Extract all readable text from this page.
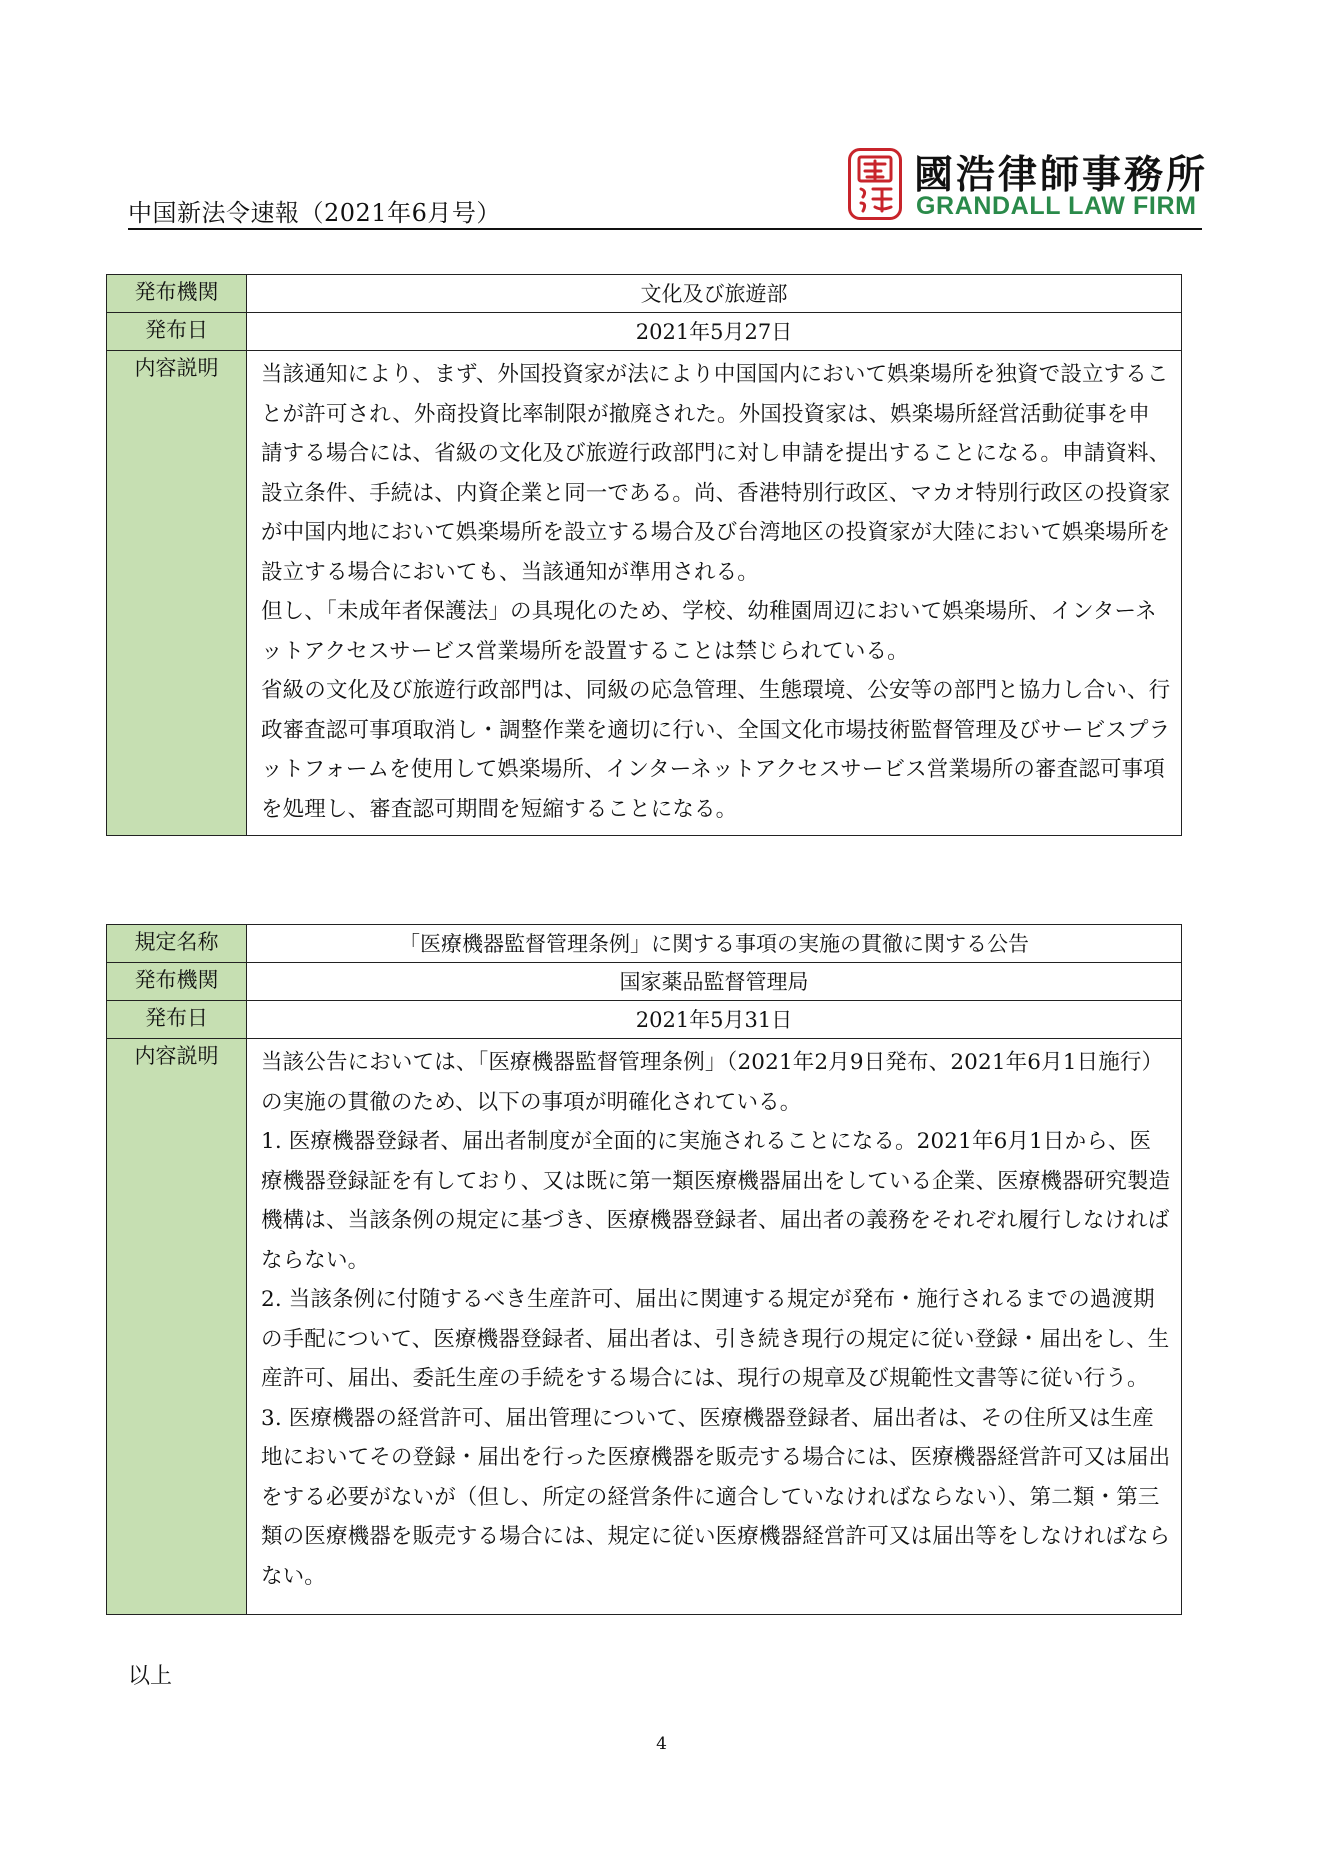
中国新法令速報（2021年6月号）
國浩律師事務所
GRANDALL LAW FIRM
発布機関	文化及び旅遊部
発布日	2021年5月27日
内容説明	当該通知により、まず、外国投資家が法により中国国内において娯楽場所を独資で設立することが許可され、外商投資比率制限が撤廃された。外国投資家は、娯楽場所経営活動従事を申請する場合には、省級の文化及び旅遊行政部門に対し申請を提出することになる。申請資料、設立条件、手続は、内資企業と同一である。尚、香港特別行政区、マカオ特別行政区の投資家が中国内地において娯楽場所を設立する場合及び台湾地区の投資家が大陸において娯楽場所を設立する場合においても、当該通知が準用される。

但し、「未成年者保護法」の具現化のため、学校、幼稚園周辺において娯楽場所、インターネットアクセスサービス営業場所を設置することは禁じられている。

省級の文化及び旅遊行政部門は、同級の応急管理、生態環境、公安等の部門と協力し合い、行政審査認可事項取消し・調整作業を適切に行い、全国文化市場技術監督管理及びサービスプラットフォームを使用して娯楽場所、インターネットアクセスサービス営業場所の審査認可事項を処理し、審査認可期間を短縮することになる。

規定名称	「医療機器監督管理条例」に関する事項の実施の貫徹に関する公告
発布機関	国家薬品監督管理局
発布日	2021年5月31日
内容説明	当該公告においては、「医療機器監督管理条例」（2021年2月9日発布、2021年6月1日施行）の実施の貫徹のため、以下の事項が明確化されている。

1. 医療機器登録者、届出者制度が全面的に実施されることになる。2021年6月1日から、医療機器登録証を有しており、又は既に第一類医療機器届出をしている企業、医療機器研究製造機構は、当該条例の規定に基づき、医療機器登録者、届出者の義務をそれぞれ履行しなければならない。

2. 当該条例に付随するべき生産許可、届出に関連する規定が発布・施行されるまでの過渡期の手配について、医療機器登録者、届出者は、引き続き現行の規定に従い登録・届出をし、生産許可、届出、委託生産の手続をする場合には、現行の規章及び規範性文書等に従い行う。

3. 医療機器の経営許可、届出管理について、医療機器登録者、届出者は、その住所又は生産地においてその登録・届出を行った医療機器を販売する場合には、医療機器経営許可又は届出をする必要がないが（但し、所定の経営条件に適合していなければならない）、第二類・第三類の医療機器を販売する場合には、規定に従い医療機器経営許可又は届出等をしなければならない。

以上
4
